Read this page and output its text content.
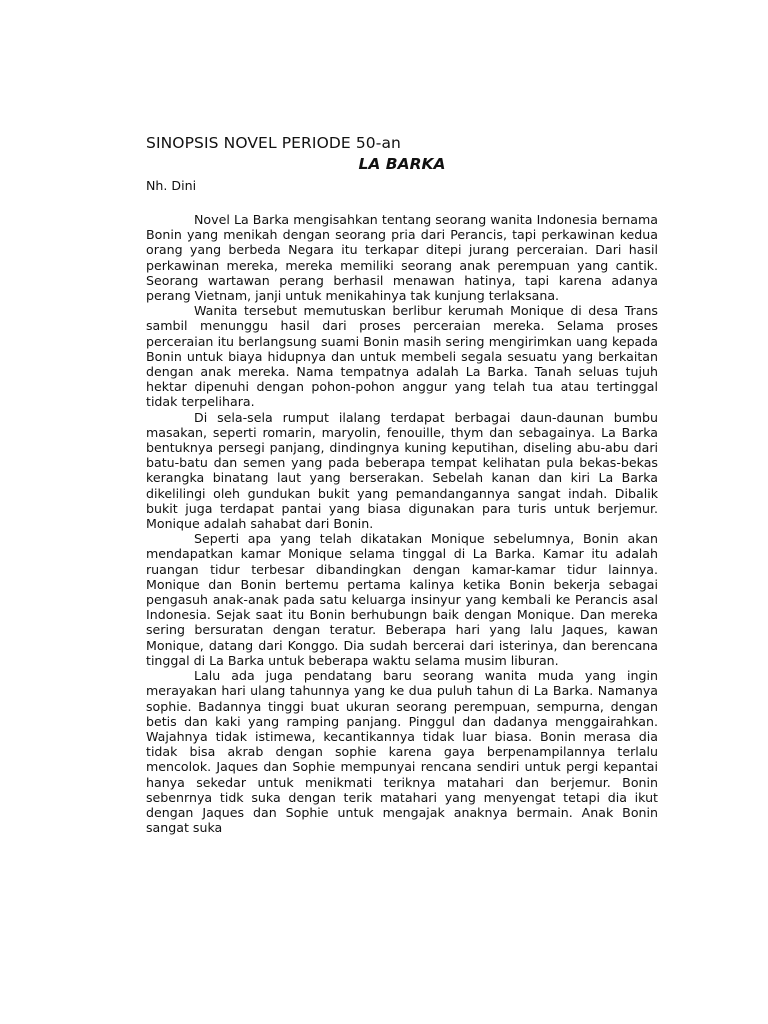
SINOPSIS NOVEL PERIODE 50-an
LA BARKA

Nh. Dini

Novel La Barka mengisahkan tentang seorang wanita Indonesia bernama Bonin yang menikah dengan seorang pria dari Perancis, tapi perkawinan kedua orang yang berbeda Negara itu terkapar ditepi jurang perceraian. Dari hasil perkawinan mereka, mereka memiliki seorang anak perempuan yang cantik. Seorang wartawan perang berhasil menawan hatinya, tapi karena adanya perang Vietnam, janji untuk menikahinya tak kunjung terlaksana.

Wanita tersebut memutuskan berlibur kerumah Monique di desa Trans sambil menunggu hasil dari proses perceraian mereka. Selama proses perceraian itu berlangsung suami Bonin masih sering mengirimkan uang kepada Bonin untuk biaya hidupnya dan untuk membeli segala sesuatu yang berkaitan dengan anak mereka. Nama tempatnya adalah La Barka. Tanah seluas tujuh hektar dipenuhi dengan pohon-pohon anggur yang telah tua atau tertinggal tidak terpelihara.

Di sela-sela rumput ilalang terdapat berbagai daun-daunan bumbu masakan, seperti romarin, maryolin, fenouille, thym dan sebagainya. La Barka bentuknya persegi panjang, dindingnya kuning keputihan, diseling abu-abu dari batu-batu dan semen yang pada beberapa tempat kelihatan pula bekas-bekas kerangka binatang laut yang berserakan. Sebelah kanan dan kiri La Barka dikelilingi oleh gundukan bukit yang pemandangannya sangat indah. Dibalik bukit juga terdapat pantai yang biasa digunakan para turis untuk berjemur. Monique adalah sahabat dari Bonin.

Seperti apa yang telah dikatakan Monique sebelumnya, Bonin akan mendapatkan kamar Monique selama tinggal di La Barka. Kamar itu adalah ruangan tidur terbesar dibandingkan dengan kamar-kamar tidur lainnya. Monique dan Bonin bertemu pertama kalinya ketika Bonin bekerja sebagai pengasuh anak-anak pada satu keluarga insinyur yang kembali ke Perancis asal Indonesia. Sejak saat itu Bonin berhubungn baik dengan Monique. Dan mereka sering bersuratan dengan teratur. Beberapa hari yang lalu Jaques, kawan Monique, datang dari Konggo. Dia sudah bercerai dari isterinya, dan berencana tinggal di La Barka untuk beberapa waktu selama musim liburan.

Lalu ada juga pendatang baru seorang wanita muda yang ingin merayakan hari ulang tahunnya yang ke dua puluh tahun di La Barka. Namanya sophie. Badannya tinggi buat ukuran seorang perempuan, sempurna, dengan betis dan kaki yang ramping panjang. Pinggul dan dadanya menggairahkan. Wajahnya tidak istimewa, kecantikannya tidak luar biasa. Bonin merasa dia tidak bisa akrab dengan sophie karena gaya berpenampilannya terlalu mencolok. Jaques dan Sophie mempunyai rencana sendiri untuk pergi kepantai hanya sekedar untuk menikmati teriknya matahari dan berjemur. Bonin sebenrnya tidk suka dengan terik matahari yang menyengat tetapi dia ikut dengan Jaques dan Sophie untuk mengajak anaknya bermain. Anak Bonin sangat suka
